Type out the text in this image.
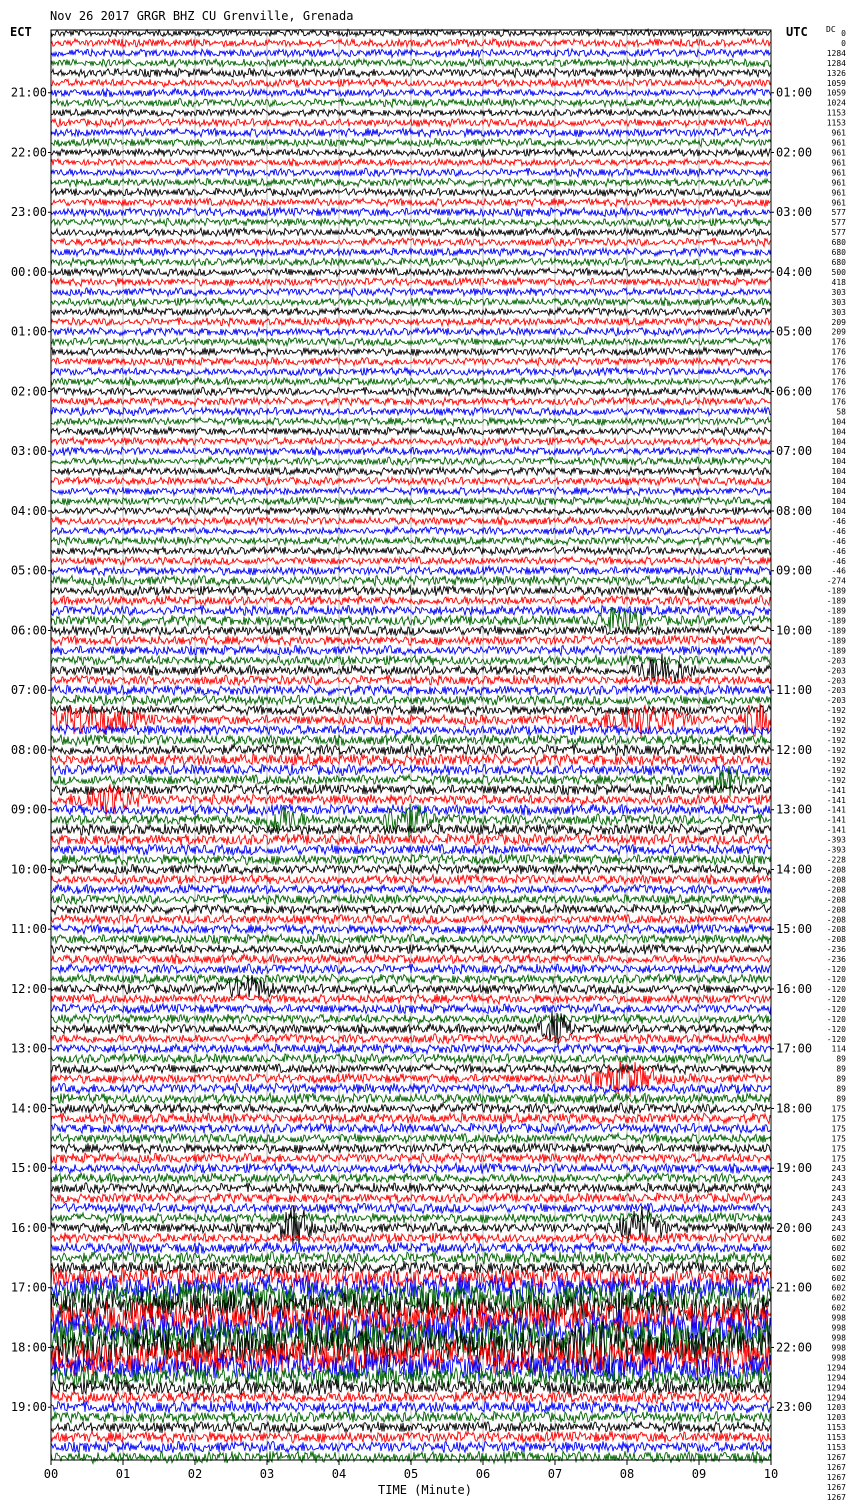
Nov 26 2017 GRGR BHZ CU Grenville, Grenada
ECT	UTC DC
21:00
22:00
23:00
00:00
01:00
02:00
03:00
04:00
05:00
06:00
07:00
08:00
09:00
10:00
11:00
12:00
13:00
14:00
15:00
16:00
17:00
18:00
19:00
01:00
02:00
03:00
04:00
05:00
06:00
07:00
08:00
09:00
10:00
11:00
12:00
13:00
14:00
15:00
16:00
17:00
18:00
19:00
20:00
21:00
22:00
23:00
0
0
1284
1284
1326
1059
1059
1024
1153
1153
961
961
961
961
961
961
961
961
577
577
577
680
680
680
500
418
303
303
303
209
209
176
176
176
176
176
176
176
58
104
104
104
104
104
104
104
104
104
104
-46
-46
-46
-46
-46
-46
-274
-189
-189
-189
-189
-189
-189
-189
-203
-203
-203
-203
-203
-192
-192
-192
-192
-192
-192
-192
-192
-141
-141
-141
-141
-141
-393
-393
-228
-208
-208
-208
-208
-208
-208
-208
-208
-236
-236
-120
-120
-120
-120
-120
-120
-120
-120
114
89
89
89
89
89
175
175
175
175
175
175
243
243
243
243
243
243
243
602
602
602
602
602
602
602
602
998
998
998
998
998
1294
1294
1294
1294
1203
1203
1153
1153
1153
1267
1267
1267
1267
1267
00	01	02	03	04	05	06	07	08	09	10
TIME (Minute)
